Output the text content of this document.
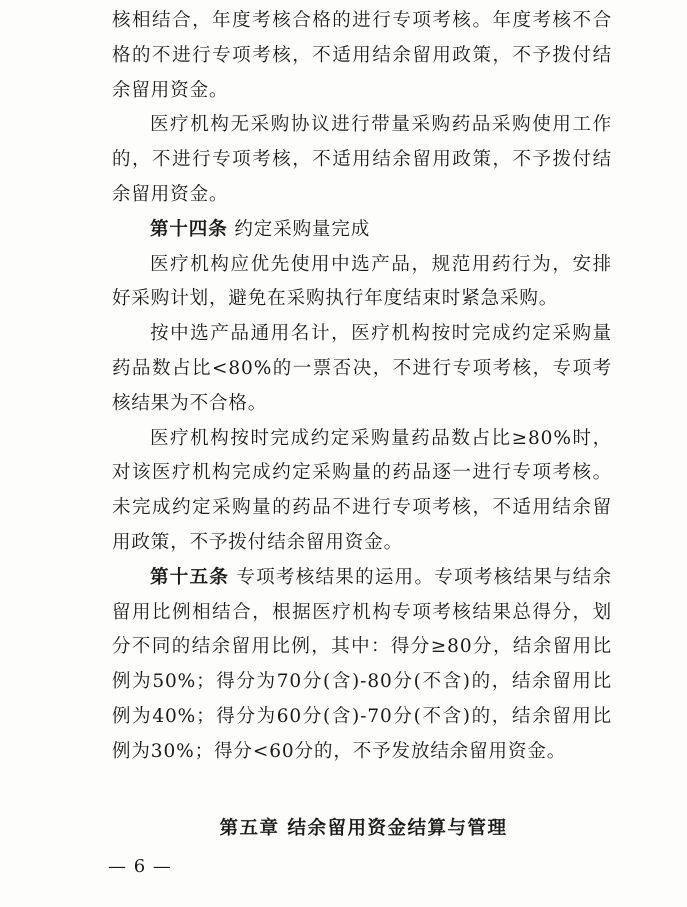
核相结合，年度考核合格的进行专项考核。年度考核不合格的不进行专项考核，不适用结余留用政策，不予拨付结余留用资金。

医疗机构无采购协议进行带量采购药品采购使用工作的，不进行专项考核，不适用结余留用政策，不予拨付结余留用资金。

第十四条 约定采购量完成

医疗机构应优先使用中选产品，规范用药行为，安排好采购计划，避免在采购执行年度结束时紧急采购。

按中选产品通用名计，医疗机构按时完成约定采购量药品数占比<80%的一票否决，不进行专项考核，专项考核结果为不合格。

医疗机构按时完成约定采购量药品数占比≥80%时，对该医疗机构完成约定采购量的药品逐一进行专项考核。未完成约定采购量的药品不进行专项考核，不适用结余留用政策，不予拨付结余留用资金。

第十五条 专项考核结果的运用。专项考核结果与结余留用比例相结合，根据医疗机构专项考核结果总得分，划分不同的结余留用比例，其中：得分≥80分，结余留用比例为50%；得分为70分(含)-80分(不含)的，结余留用比例为40%；得分为60分(含)-70分(不含)的，结余留用比例为30%；得分<60分的，不予发放结余留用资金。

第五章 结余留用资金结算与管理
— 6 —
